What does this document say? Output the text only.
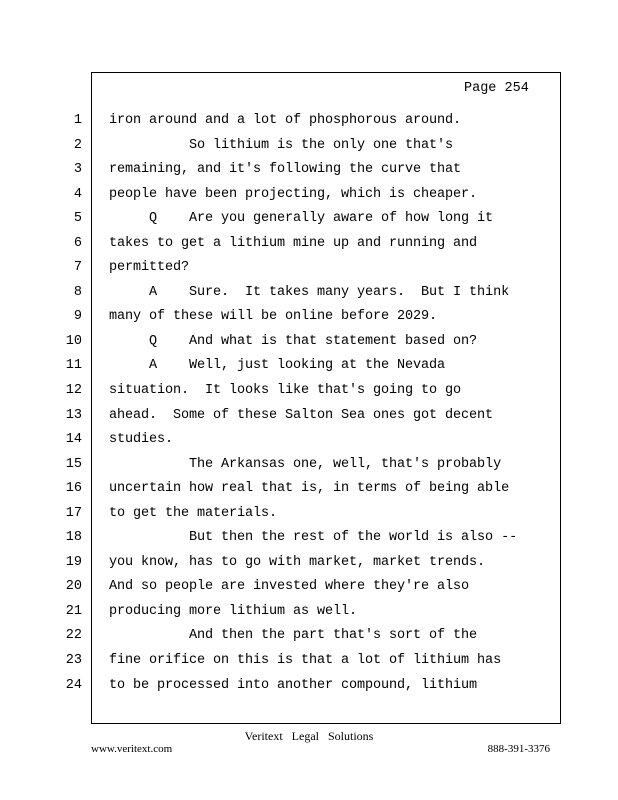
Page 254
1
2
3
4
5
6
7
8
9
10
11
12
13
14
15
16
17
18
19
20
21
22
23
24
iron around and a lot of phosphorous around.
So lithium is the only one that's
remaining, and it's following the curve that
people have been projecting, which is cheaper.
Q    Are you generally aware of how long it
takes to get a lithium mine up and running and
permitted?
A    Sure.  It takes many years.  But I think
many of these will be online before 2029.
Q    And what is that statement based on?
A    Well, just looking at the Nevada
situation.  It looks like that's going to go
ahead.  Some of these Salton Sea ones got decent
studies.
The Arkansas one, well, that's probably
uncertain how real that is, in terms of being able
to get the materials.
But then the rest of the world is also --
you know, has to go with market, market trends.
And so people are invested where they're also
producing more lithium as well.
And then the part that's sort of the
fine orifice on this is that a lot of lithium has
to be processed into another compound, lithium
Veritext Legal Solutions
www.veritext.com	888-391-3376
